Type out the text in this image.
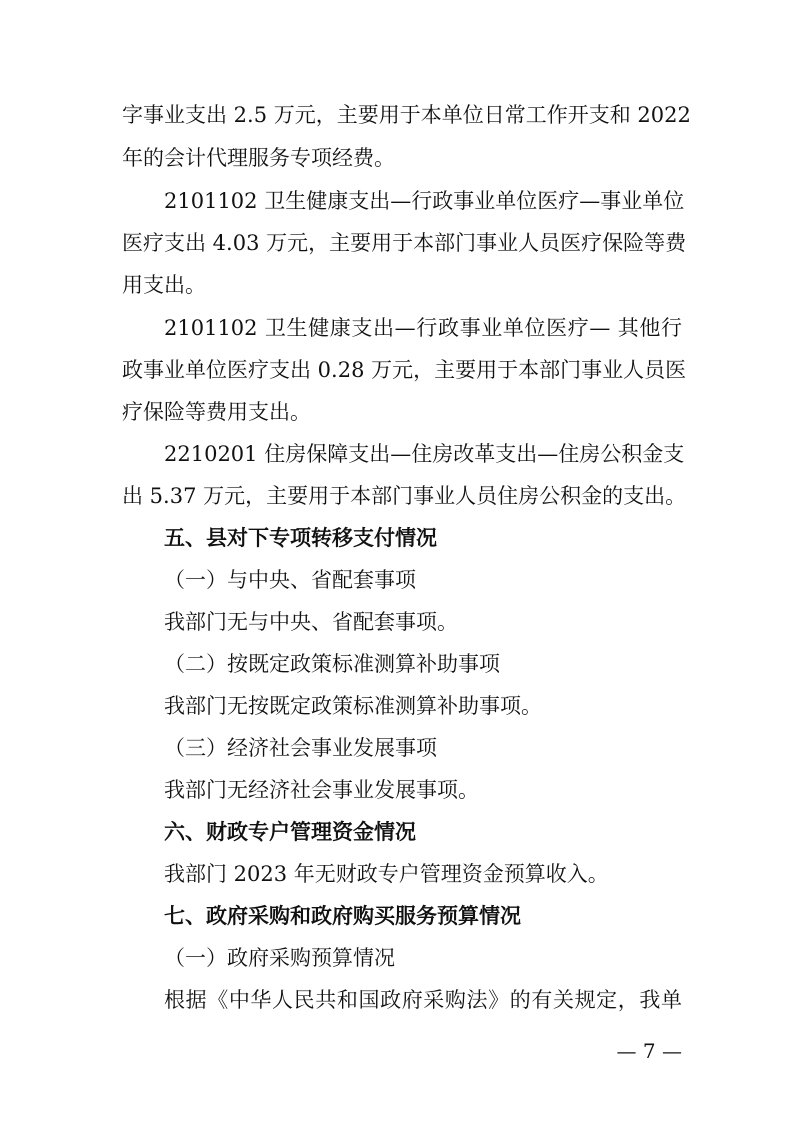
字事业支出 2.5 万元，主要用于本单位日常工作开支和 2022
年的会计代理服务专项经费。
2101102 卫生健康支出—行政事业单位医疗—事业单位
医疗支出 4.03 万元，主要用于本部门事业人员医疗保险等费
用支出。
2101102 卫生健康支出—行政事业单位医疗— 其他行
政事业单位医疗支出 0.28 万元，主要用于本部门事业人员医
疗保险等费用支出。
2210201 住房保障支出—住房改革支出—住房公积金支
出 5.37 万元，主要用于本部门事业人员住房公积金的支出。
五、县对下专项转移支付情况
（一）与中央、省配套事项
我部门无与中央、省配套事项。
（二）按既定政策标准测算补助事项
我部门无按既定政策标准测算补助事项。
（三）经济社会事业发展事项
我部门无经济社会事业发展事项。
六、财政专户管理资金情况
我部门 2023 年无财政专户管理资金预算收入。
七、政府采购和政府购买服务预算情况
（一）政府采购预算情况
根据《中华人民共和国政府采购法》的有关规定，我单
— 7 —
